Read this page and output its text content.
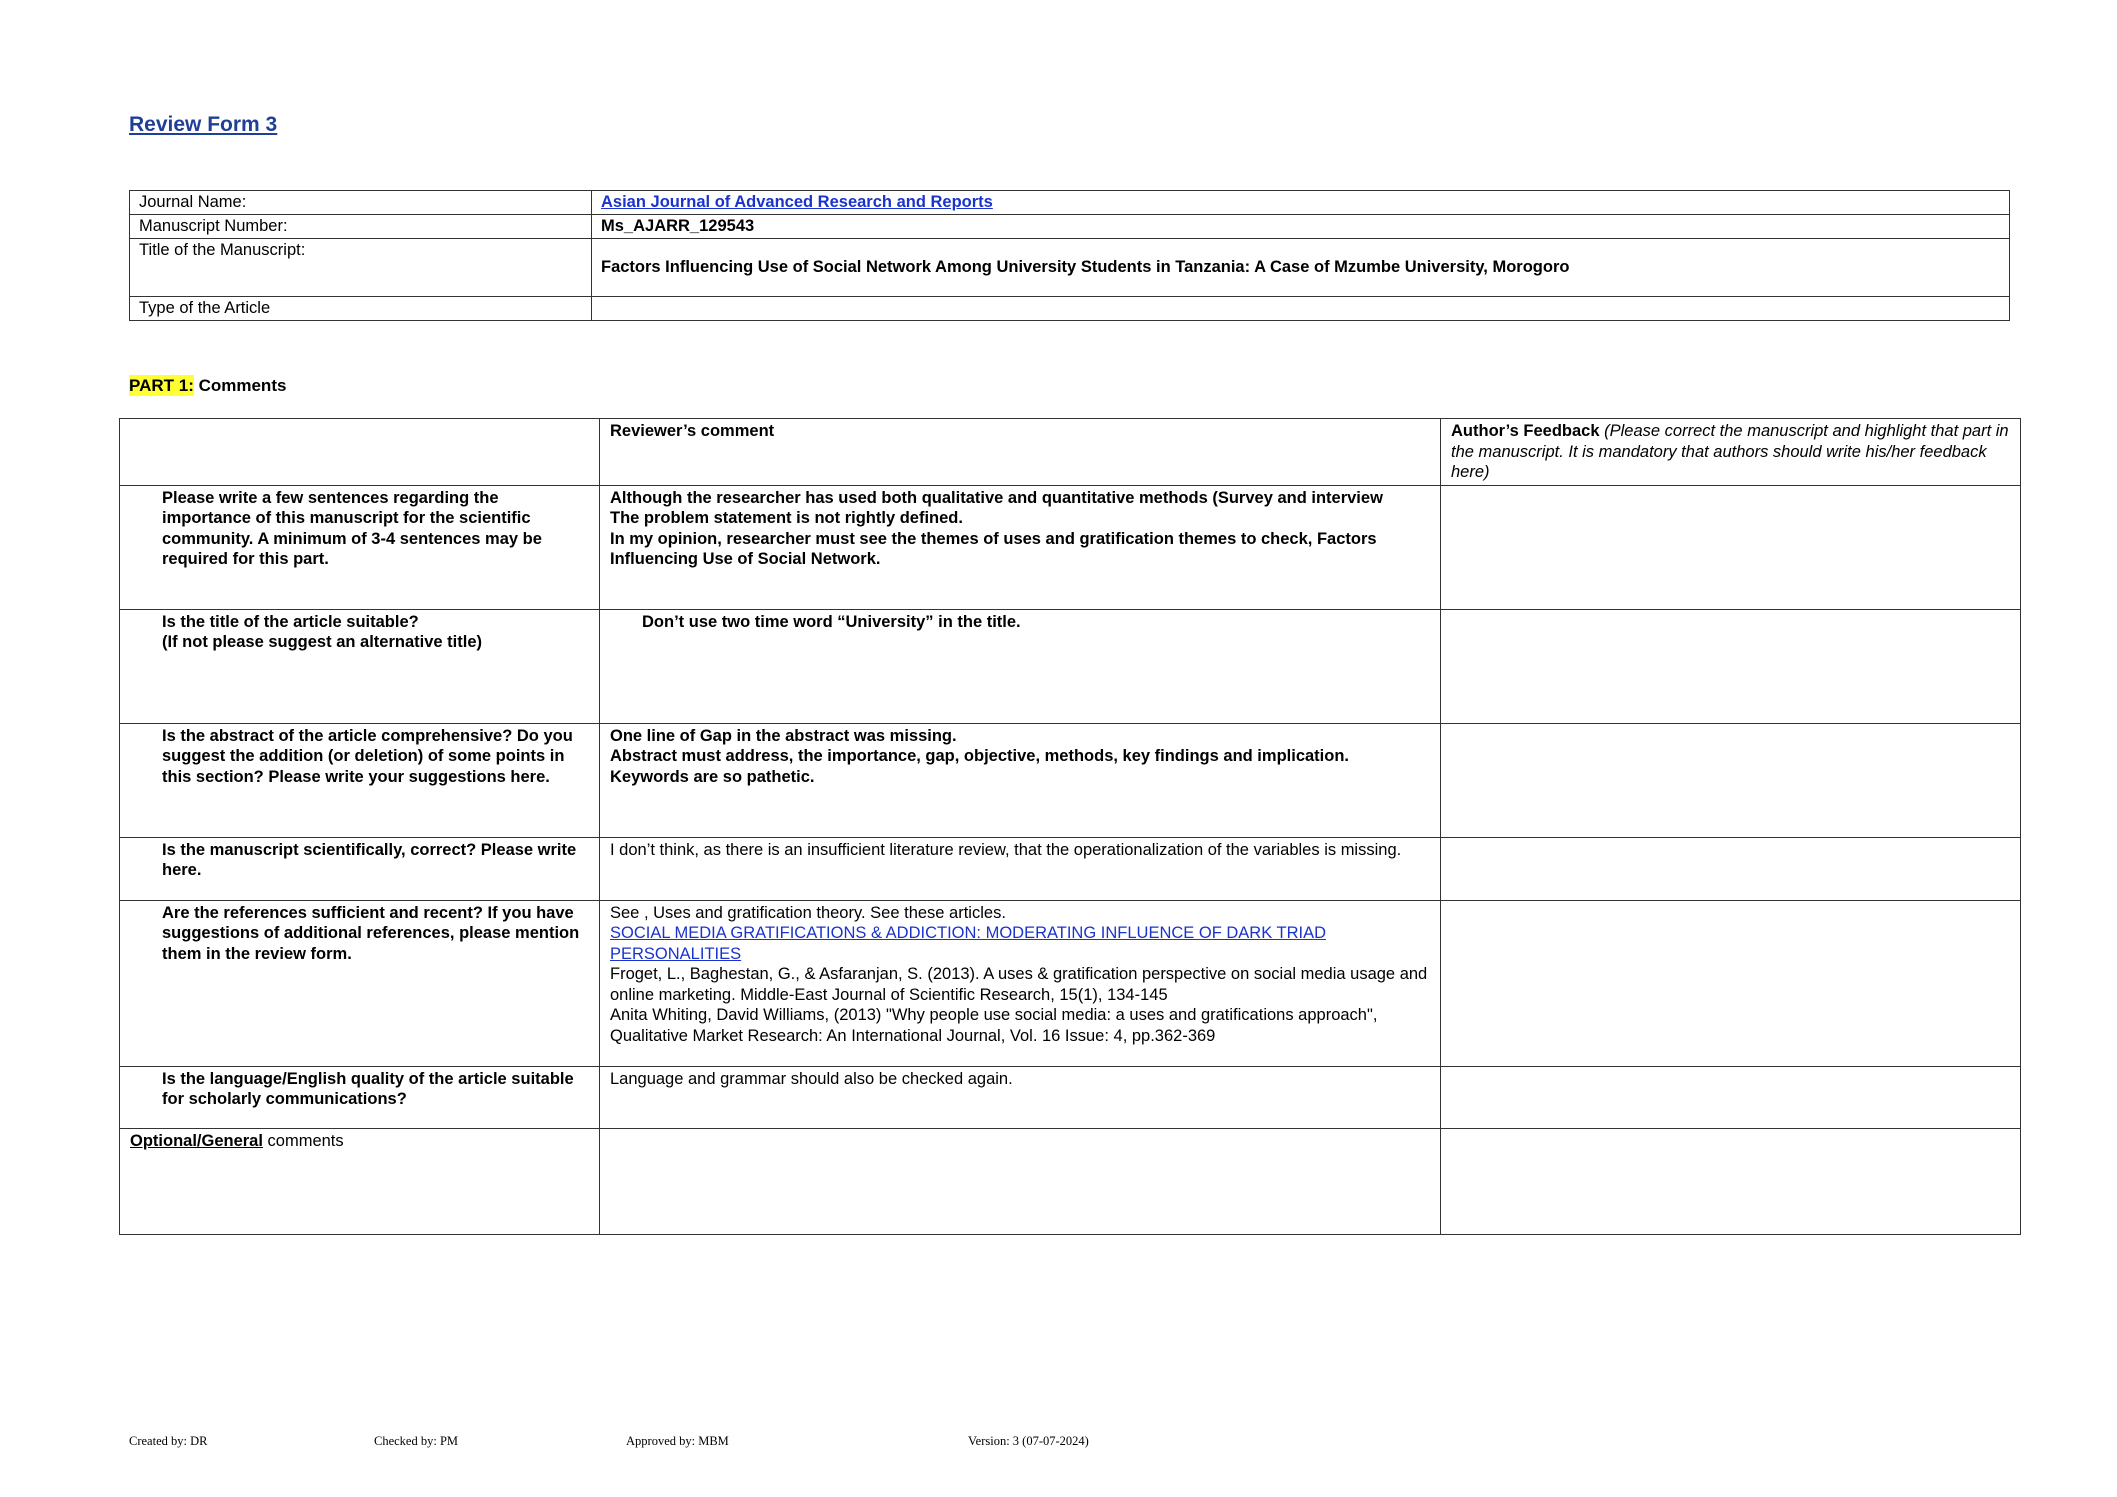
Review Form 3
Journal Name:	Asian Journal of Advanced Research and Reports
Manuscript Number:	Ms_AJARR_129543
Title of the Manuscript:	Factors Influencing Use of Social Network Among University Students in Tanzania: A Case of Mzumbe University, Morogoro
Type of the Article	
PART 1: Comments
	Reviewer’s comment	Author’s Feedback (Please correct the manuscript and highlight that part in the manuscript. It is mandatory that authors should write his/her feedback here)
Please write a few sentences regarding the importance of this manuscript for the scientific community. A minimum of 3-4 sentences may be required for this part.	Although the researcher has used both qualitative and quantitative methods (Survey and interview
The problem statement is not rightly defined.
In my opinion, researcher must see the themes of uses and gratification themes to check, Factors Influencing Use of Social Network.	

Is the title of the article suitable?
(If not please suggest an alternative title)	Don’t use two time word “University” in the title.	
Is the abstract of the article comprehensive? Do you suggest the addition (or deletion) of some points in this section? Please write your suggestions here.	One line of Gap in the abstract was missing.
Abstract must address, the importance, gap, objective, methods, key findings and implication.
Keywords are so pathetic.	

Is the manuscript scientifically, correct? Please write here.	I don’t think, as there is an insufficient literature review, that the operationalization of the variables is missing.	
Are the references sufficient and recent? If you have suggestions of additional references, please mention them in the review form.	See , Uses and gratification theory. See these articles.
SOCIAL MEDIA GRATIFICATIONS & ADDICTION: MODERATING INFLUENCE OF DARK TRIAD PERSONALITIES
Froget, L., Baghestan, G., & Asfaranjan, S. (2013). A uses & gratification perspective on social media usage and online marketing. Middle-East Journal of Scientific Research, 15(1), 134-145
Anita Whiting, David Williams, (2013) "Why people use social media: a uses and gratifications approach", Qualitative Market Research: An International Journal, Vol. 16 Issue: 4, pp.362-369	

Is the language/English quality of the article suitable for scholarly communications?	Language and grammar should also be checked again.	
Optional/General comments		
Created by: DR	Checked by: PM	Approved by: MBM	Version: 3 (07-07-2024)
